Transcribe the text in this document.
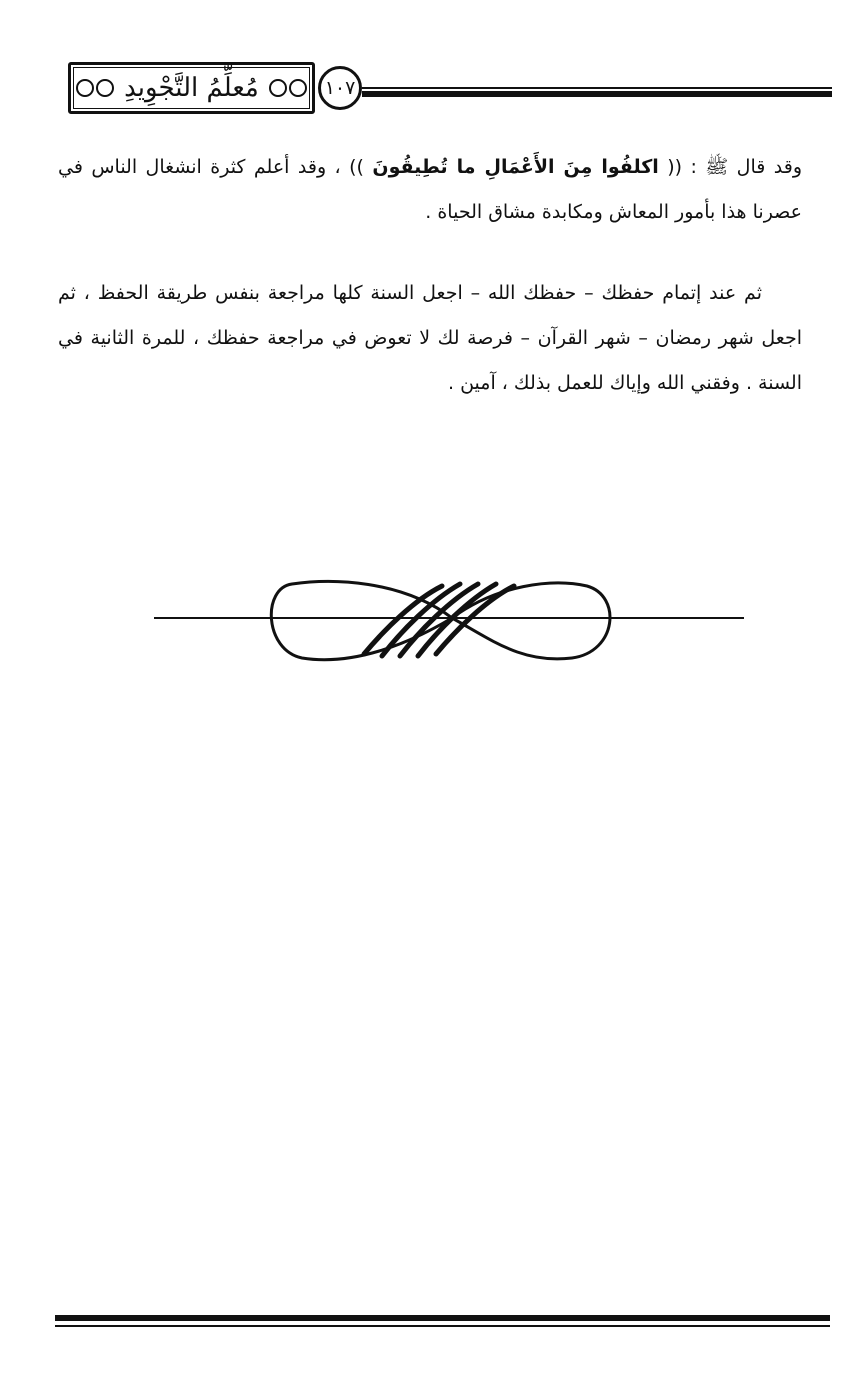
مُعلِّمُ التَّجْوِيدِ	١٠٧

وقد قال ﷺ : (( اكلفُوا مِنَ الأَعْمَالِ ما تُطِيقُونَ )) ، وقد أعلم كثرة انشغال الناس في عصرنا هذا بأمور المعاش ومكابدة مشاق الحياة .

ثم عند إتمام حفظك – حفظك الله – اجعل السنة كلها مراجعة بنفس طريقة الحفظ ، ثم اجعل شهر رمضان – شهر القرآن – فرصة لك لا تعوض في مراجعة حفظك ، للمرة الثانية في السنة . وفقني الله وإياك للعمل بذلك ، آمين .
